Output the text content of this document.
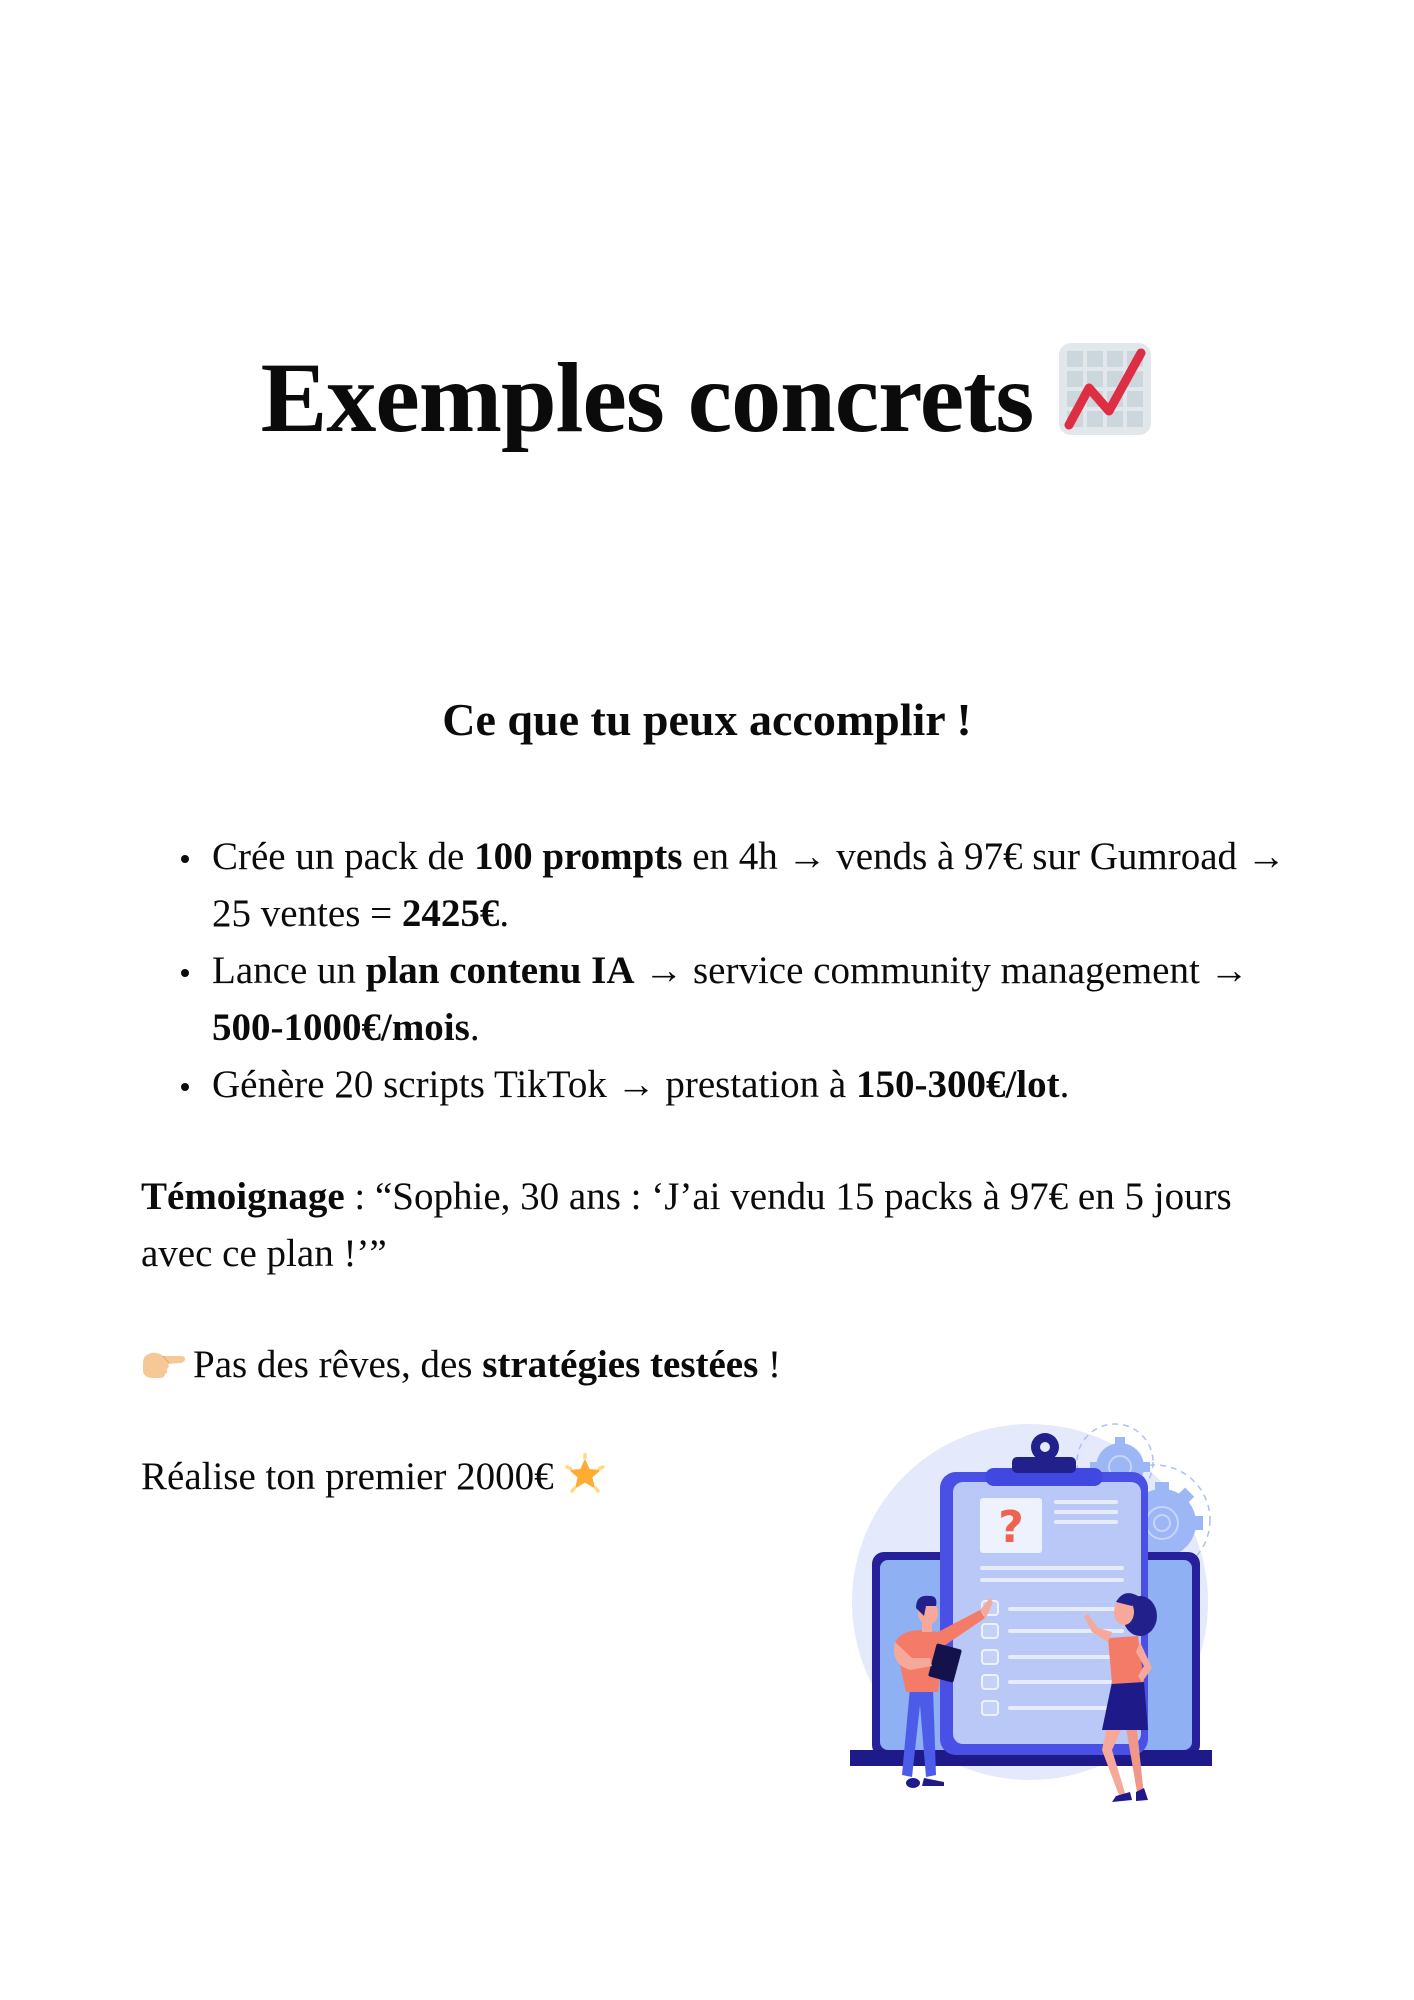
Exemples concrets
Ce que tu peux accomplir !
Crée un pack de 100 prompts en 4h → vends à 97€ sur Gumroad → 25 ventes = 2425€.
Lance un plan contenu IA → service community management → 500-1000€/mois.
Génère 20 scripts TikTok → prestation à 150-300€/lot.
Témoignage : “Sophie, 30 ans : ‘J’ai vendu 15 packs à 97€ en 5 jours avec ce plan !’”
Pas des rêves, des stratégies testées !
Réalise ton premier 2000€
?
